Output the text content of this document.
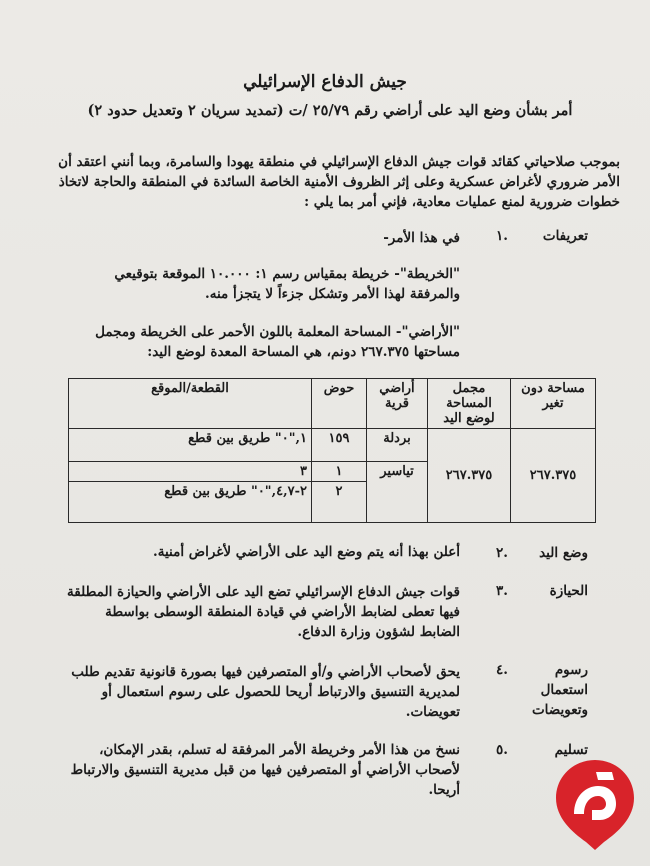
جيش الدفاع الإسرائيلي
أمر بشأن وضع اليد على أراضي رقم ٢٥/٧٩ /ت (تمديد سريان ٢ وتعديل حدود ٢)
بموجب صلاحياتي كقائد قوات جيش الدفاع الإسرائيلي في منطقة يهودا والسامرة، وبما أنني اعتقد أن الأمر ضروري لأغراض عسكرية وعلى إثر الظروف الأمنية الخاصة السائدة في المنطقة والحاجة لاتخاذ خطوات ضرورية لمنع عمليات معادية، فإني أمر بما يلي :
تعريفات
١.
في هذا الأمر-
"الخريطة"- خريطة بمقياس رسم ١: ١٠.٠٠٠ الموقعة بتوقيعي والمرفقة لهذا الأمر وتشكل جزءاً لا يتجزأ منه.
"الأراضي"- المساحة المعلمة باللون الأحمر على الخريطة ومجمل مساحتها ٢٦٧.٣٧٥ دونم، هي المساحة المعدة لوضع اليد:
مساحة دون تغير	مجمل المساحة لوضع اليد	أراضي قرية	حوض	القطعة/الموقع
٢٦٧.٣٧٥	٢٦٧.٣٧٥	بردلة	١٥٩	١,"٠" طريق بين قطع
		تياسير	١	٣
			٢	٢-٤,٧,"٠" طريق بين قطع
وضع اليد
٢.
أعلن بهذا أنه يتم وضع اليد على الأراضي لأغراض أمنية.
الحيازة
٣.
قوات جيش الدفاع الإسرائيلي تضع اليد على الأراضي والحيازة المطلقة فيها تعطى لضابط الأراضي في قيادة المنطقة الوسطى بواسطة الضابط لشؤون وزارة الدفاع.
رسوم استعمال وتعويضات
٤.
يحق لأصحاب الأراضي و/أو المتصرفين فيها بصورة قانونية تقديم طلب لمديرية التنسيق والارتباط أريحا للحصول على رسوم استعمال أو تعويضات.
تسليم
٥.
نسخ من هذا الأمر وخريطة الأمر المرفقة له تسلم، بقدر الإمكان، لأصحاب الأراضي أو المتصرفين فيها من قبل مديرية التنسيق والارتباط أريحا.
